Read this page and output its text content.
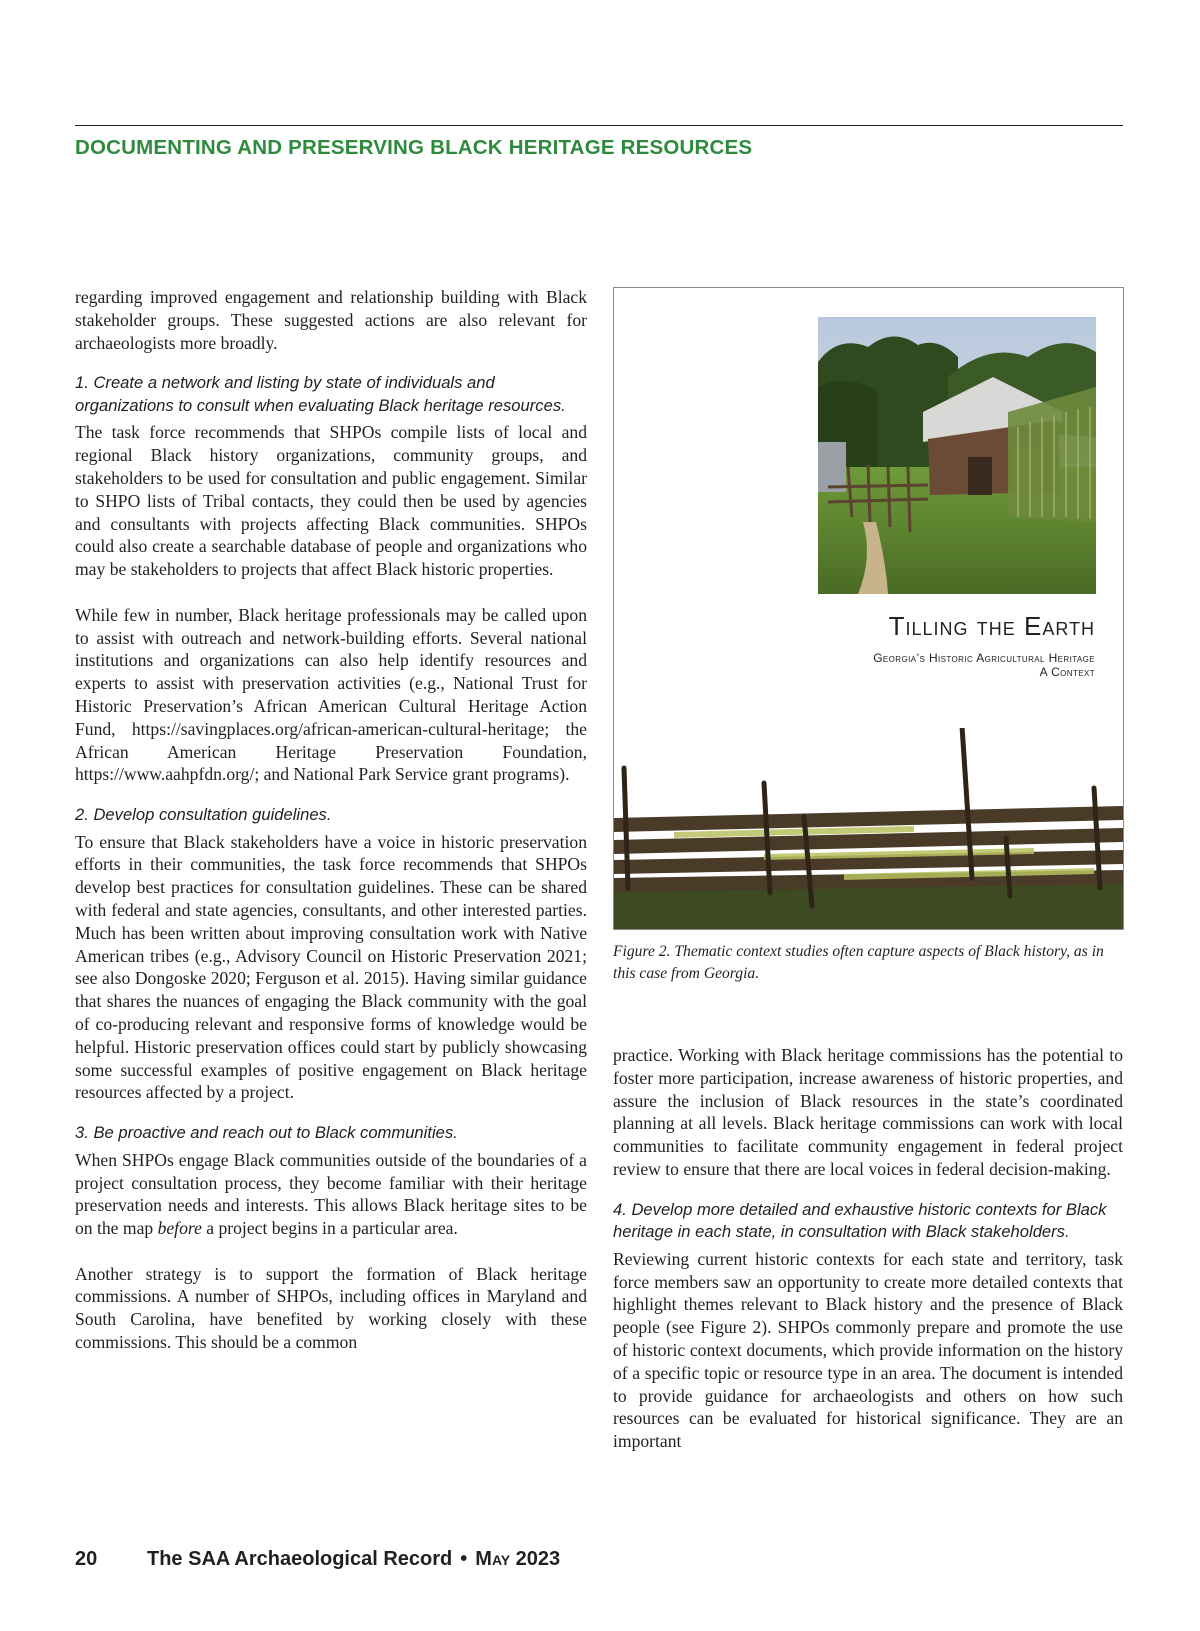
DOCUMENTING AND PRESERVING BLACK HERITAGE RESOURCES

regarding improved engagement and relationship building with Black stakeholder groups. These suggested actions are also relevant for archaeologists more broadly.

1. Create a network and listing by state of individuals and organizations to consult when evaluating Black heritage resources.

The task force recommends that SHPOs compile lists of local and regional Black history organizations, community groups, and stakeholders to be used for consultation and public engagement. Similar to SHPO lists of Tribal contacts, they could then be used by agencies and consultants with projects affecting Black communities. SHPOs could also create a searchable database of people and organizations who may be stakeholders to projects that affect Black historic properties.

While few in number, Black heritage professionals may be called upon to assist with outreach and network-building efforts. Several national institutions and organizations can also help identify resources and experts to assist with preservation activities (e.g., National Trust for Historic Preservation’s African American Cultural Heritage Action Fund, https://savingplaces.org/african-american-cultural-heritage; the African American Heritage Preservation Foundation, https://www.aahpfdn.org/; and National Park Service grant programs).

2. Develop consultation guidelines.

To ensure that Black stakeholders have a voice in historic preservation efforts in their communities, the task force recommends that SHPOs develop best practices for consultation guidelines. These can be shared with federal and state agencies, consultants, and other interested parties. Much has been written about improving consultation work with Native American tribes (e.g., Advisory Council on Historic Preservation 2021; see also Dongoske 2020; Ferguson et al. 2015). Having similar guidance that shares the nuances of engaging the Black community with the goal of co-producing relevant and responsive forms of knowledge would be helpful. Historic preservation offices could start by publicly showcasing some successful examples of positive engagement on Black heritage resources affected by a project.

3. Be proactive and reach out to Black communities.

When SHPOs engage Black communities outside of the boundaries of a project consultation process, they become familiar with their heritage preservation needs and interests. This allows Black heritage sites to be on the map before a project begins in a particular area.

Another strategy is to support the formation of Black heritage commissions. A number of SHPOs, including offices in Maryland and South Carolina, have benefited by working closely with these commissions. This should be a common

Tilling the Earth
Georgia’s Historic Agricultural Heritage
A Context
Figure 2. Thematic context studies often capture aspects of Black history, as in this case from Georgia.

practice. Working with Black heritage commissions has the potential to foster more participation, increase awareness of historic properties, and assure the inclusion of Black resources in the state’s coordinated planning at all levels. Black heritage commissions can work with local communities to facilitate community engagement in federal project review to ensure that there are local voices in federal decision-making.

4. Develop more detailed and exhaustive historic contexts for Black heritage in each state, in consultation with Black stakeholders.

Reviewing current historic contexts for each state and territory, task force members saw an opportunity to create more detailed contexts that highlight themes relevant to Black history and the presence of Black people (see Figure 2). SHPOs commonly prepare and promote the use of historic context documents, which provide information on the history of a specific topic or resource type in an area. The document is intended to provide guidance for archaeologists and others on how such resources can be evaluated for historical significance. They are an important

20 The SAA Archaeological Record • May 2023
